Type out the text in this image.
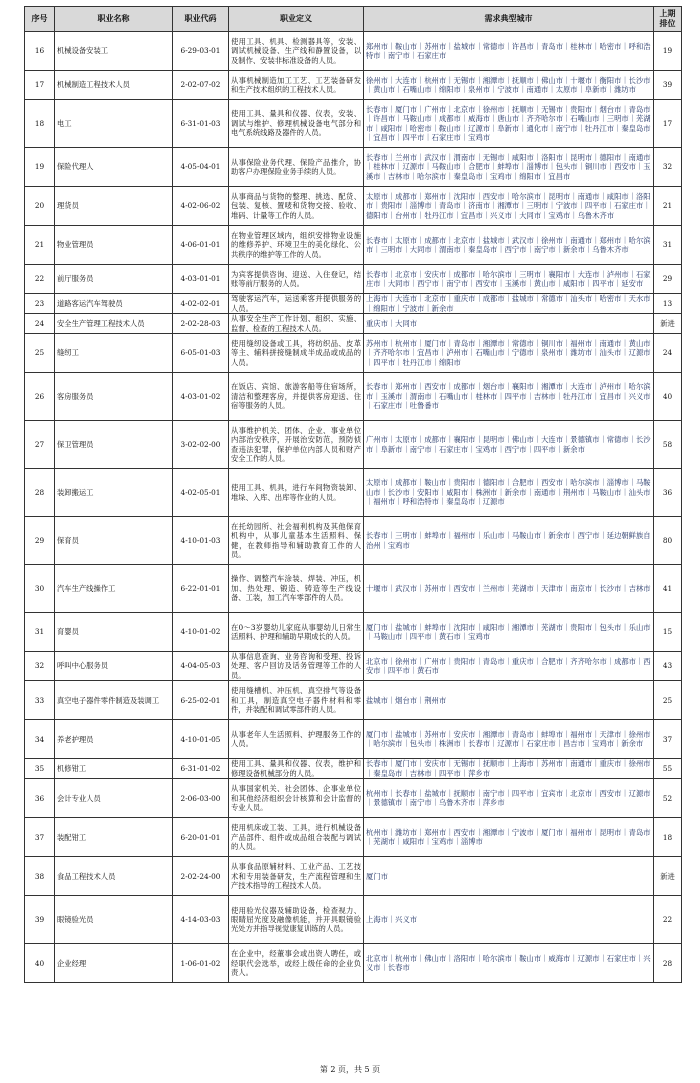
序号	职业名称	职业代码	职业定义	需求典型城市	上期排位
16	机械设备安装工	6-29-03-01	使用工具、机具、检测器具等，安装、调试机械设备、生产线和静置设备，以及制作、安装非标准设备的人员。	郑州市｜鞍山市｜苏州市｜盐城市｜常德市｜许昌市｜青岛市｜桂林市｜哈密市｜呼和浩特市｜南宁市｜石家庄市	19
17	机械制造工程技术人员	2-02-07-02	从事机械制造加工工艺、工艺装备研发和生产技术组织的工程技术人员。	徐州市｜大连市｜杭州市｜无锡市｜湘潭市｜抚顺市｜佛山市｜十堰市｜衡阳市｜长沙市｜黄山市｜石嘴山市｜绵阳市｜泉州市｜宁波市｜南通市｜太原市｜阜新市｜潍坊市	39
18	电工	6-31-01-03	使用工具、量具和仪器、仪表，安装、调试与维护、修理机械设备电气部分和电气系统线路及器件的人员。	长春市｜厦门市｜广州市｜北京市｜徐州市｜抚顺市｜无锡市｜贵阳市｜烟台市｜青岛市｜许昌市｜马鞍山市｜成都市｜威海市｜唐山市｜齐齐哈尔市｜石嘴山市｜三明市｜芜湖市｜咸阳市｜哈密市｜鞍山市｜辽源市｜阜新市｜通化市｜南宁市｜牡丹江市｜秦皇岛市｜宜昌市｜四平市｜石家庄市｜宝鸡市	17
19	保险代理人	4-05-04-01	从事保险业务代理、保险产品推介，协助客户办理保险业务手续的人员。	长春市｜兰州市｜武汉市｜渭南市｜无锡市｜咸阳市｜洛阳市｜昆明市｜德阳市｜南通市｜桂林市｜辽源市｜马鞍山市｜合肥市｜蚌埠市｜淄博市｜包头市｜铜川市｜西安市｜玉溪市｜吉林市｜哈尔滨市｜秦皇岛市｜宝鸡市｜绵阳市｜宜昌市	32
20	理货员	4-02-06-02	从事商品与货物的整理、挑选、配货、包装、复核、置唛和货物交接、验收、堆码、计量等工作的人员。	太原市｜成都市｜郑州市｜沈阳市｜西安市｜哈尔滨市｜昆明市｜南通市｜咸阳市｜洛阳市｜贵阳市｜淄博市｜青岛市｜济南市｜湘潭市｜三明市｜宁波市｜四平市｜石家庄市｜德阳市｜台州市｜牡丹江市｜宜昌市｜兴义市｜大同市｜宝鸡市｜乌鲁木齐市	21
21	物业管理员	4-06-01-01	在物业管理区域内，组织安排物业设施的维修养护、环境卫生的美化绿化、公共秩序的维护等工作的人员。	长春市｜太原市｜成都市｜北京市｜盐城市｜武汉市｜徐州市｜南通市｜郑州市｜哈尔滨市｜三明市｜大同市｜渭南市｜秦皇岛市｜西宁市｜南宁市｜新余市｜乌鲁木齐市	31
22	前厅服务员	4-03-01-01	为宾客提供咨询、迎送、入住登记，结账等前厅服务的人员。	长春市｜北京市｜安庆市｜成都市｜哈尔滨市｜三明市｜襄阳市｜大连市｜泸州市｜石家庄市｜大同市｜西宁市｜南宁市｜西安市｜玉溪市｜黄山市｜咸阳市｜四平市｜延安市	29
23	道路客运汽车驾驶员	4-02-02-01	驾驶客运汽车，运送乘客并提供服务的人员。	上海市｜大连市｜北京市｜重庆市｜成都市｜盐城市｜常德市｜汕头市｜哈密市｜天水市｜绵阳市｜宁波市｜新余市	13
24	安全生产管理工程技术人员	2-02-28-03	从事安全生产工作计划、组织、实施、监督、检查的工程技术人员。	重庆市｜大同市	新进
25	缝纫工	6-05-01-03	使用缝纫设备或工具，将纺织品、皮革等主、辅料拼接缝制成半成品或成品的人员。	苏州市｜杭州市｜厦门市｜青岛市｜湘潭市｜常德市｜铜川市｜福州市｜南通市｜黄山市｜齐齐哈尔市｜宜昌市｜泸州市｜石嘴山市｜宁德市｜泉州市｜潍坊市｜汕头市｜辽源市｜四平市｜牡丹江市｜绵阳市	24
26	客房服务员	4-03-01-02	在饭店、宾馆、旅游客船等住宿场所，清洁和整理客房，并提供客房迎送、住宿等服务的人员。	长春市｜郑州市｜西安市｜成都市｜烟台市｜襄阳市｜湘潭市｜大连市｜泸州市｜哈尔滨市｜玉溪市｜渭南市｜石嘴山市｜桂林市｜四平市｜吉林市｜牡丹江市｜宜昌市｜兴义市｜石家庄市｜吐鲁番市	40
27	保卫管理员	3-02-02-00	从事维护机关、团体、企业、事业单位内部治安秩序，开展治安防范，预防侦查违法犯罪，保护单位内部人员和财产安全工作的人员。	广州市｜太原市｜成都市｜襄阳市｜昆明市｜佛山市｜大连市｜景德镇市｜常德市｜长沙市｜阜新市｜南宁市｜石家庄市｜宝鸡市｜西宁市｜四平市｜新余市	58
28	装卸搬运工	4-02-05-01	使用工具、机具，进行车间物资装卸、堆垛、入库、出库等作业的人员。	太原市｜成都市｜鞍山市｜贵阳市｜德阳市｜合肥市｜西安市｜哈尔滨市｜淄博市｜马鞍山市｜长沙市｜安阳市｜咸阳市｜株洲市｜新余市｜南通市｜荆州市｜马鞍山市｜汕头市｜福州市｜呼和浩特市｜秦皇岛市｜辽源市	36
29	保育员	4-10-01-03	在托幼园所、社会福利机构及其他保育机构中，从事儿童基本生活照料、保健，在教师指导和辅助教育工作的人员。	长春市｜三明市｜蚌埠市｜福州市｜乐山市｜马鞍山市｜新余市｜西宁市｜延边朝鲜族自治州｜宝鸡市	80
30	汽车生产线操作工	6-22-01-01	操作、调整汽车涂装、焊装、冲压，机加、热处理、锻造、铸造等生产线设备、工装，加工汽车零部件的人员。	十堰市｜武汉市｜苏州市｜西安市｜兰州市｜芜湖市｜天津市｜南京市｜长沙市｜吉林市	41
31	育婴员	4-10-01-02	在0～3岁婴幼儿家庭从事婴幼儿日常生活照料、护理和辅助早期成长的人员。	厦门市｜盐城市｜蚌埠市｜沈阳市｜咸阳市｜湘潭市｜芜湖市｜贵阳市｜包头市｜乐山市｜马鞍山市｜四平市｜黄石市｜宝鸡市	15
32	呼叫中心服务员	4-04-05-03	从事信息查询、业务咨询和受理、投诉处理、客户回访及话务管理等工作的人员。	北京市｜徐州市｜广州市｜贵阳市｜青岛市｜重庆市｜合肥市｜齐齐哈尔市｜成都市｜西安市｜四平市｜黄石市	43
33	真空电子器件零件制造及装调工	6-25-02-01	使用缝槽机、冲压机、真空排气等设备和工具，制造真空电子器件材料和零件，并装配和调试零部件的人员。	盐城市｜烟台市｜荆州市	25
34	养老护理员	4-10-01-05	从事老年人生活照料、护理服务工作的人员。	厦门市｜盐城市｜苏州市｜安庆市｜湘潭市｜青岛市｜蚌埠市｜福州市｜天津市｜徐州市｜哈尔滨市｜包头市｜株洲市｜长春市｜辽源市｜石家庄市｜昌吉市｜宝鸡市｜新余市	37
35	机修钳工	6-31-01-02	使用工具、量具和仪器、仪表，维护和修理设备机械部分的人员。	长春市｜厦门市｜安庆市｜无锡市｜抚顺市｜上海市｜苏州市｜南通市｜重庆市｜徐州市｜秦皇岛市｜吉林市｜四平市｜萍乡市	55
36	会计专业人员	2-06-03-00	从事国家机关、社会团体、企事业单位和其他经济组织会计核算和会计监督的专业人员。	杭州市｜长春市｜盐城市｜抚顺市｜南宁市｜四平市｜宜宾市｜北京市｜西安市｜辽源市｜景德镇市｜南宁市｜乌鲁木齐市｜萍乡市	52
37	装配钳工	6-20-01-01	使用机床或工装、工具，进行机械设备产品部件、组件或成品组合装配与调试的人员。	杭州市｜潍坊市｜郑州市｜西安市｜湘潭市｜宁波市｜厦门市｜福州市｜昆明市｜青岛市｜芜湖市｜咸阳市｜宝鸡市｜淄博市	18
38	食品工程技术人员	2-02-24-00	从事食品原辅材料、工业产品、工艺技术和专用装备研发，生产流程管理和生产技术指导的工程技术人员。	厦门市	新进
39	眼镜验光员	4-14-03-03	使用验光仪器及辅助设备，检查视力、眼睛屈光度及融像机能，并开具眼镜验光处方并指导视觉康复训练的人员。	上海市｜兴义市	22
40	企业经理	1-06-01-02	在企业中，经董事会或出资人聘任，或经职代会选举，或经上级任命的企业负责人。	北京市｜杭州市｜佛山市｜洛阳市｜哈尔滨市｜鞍山市｜威海市｜辽源市｜石家庄市｜兴义市｜长春市	28
第 2 页，共 5 页
